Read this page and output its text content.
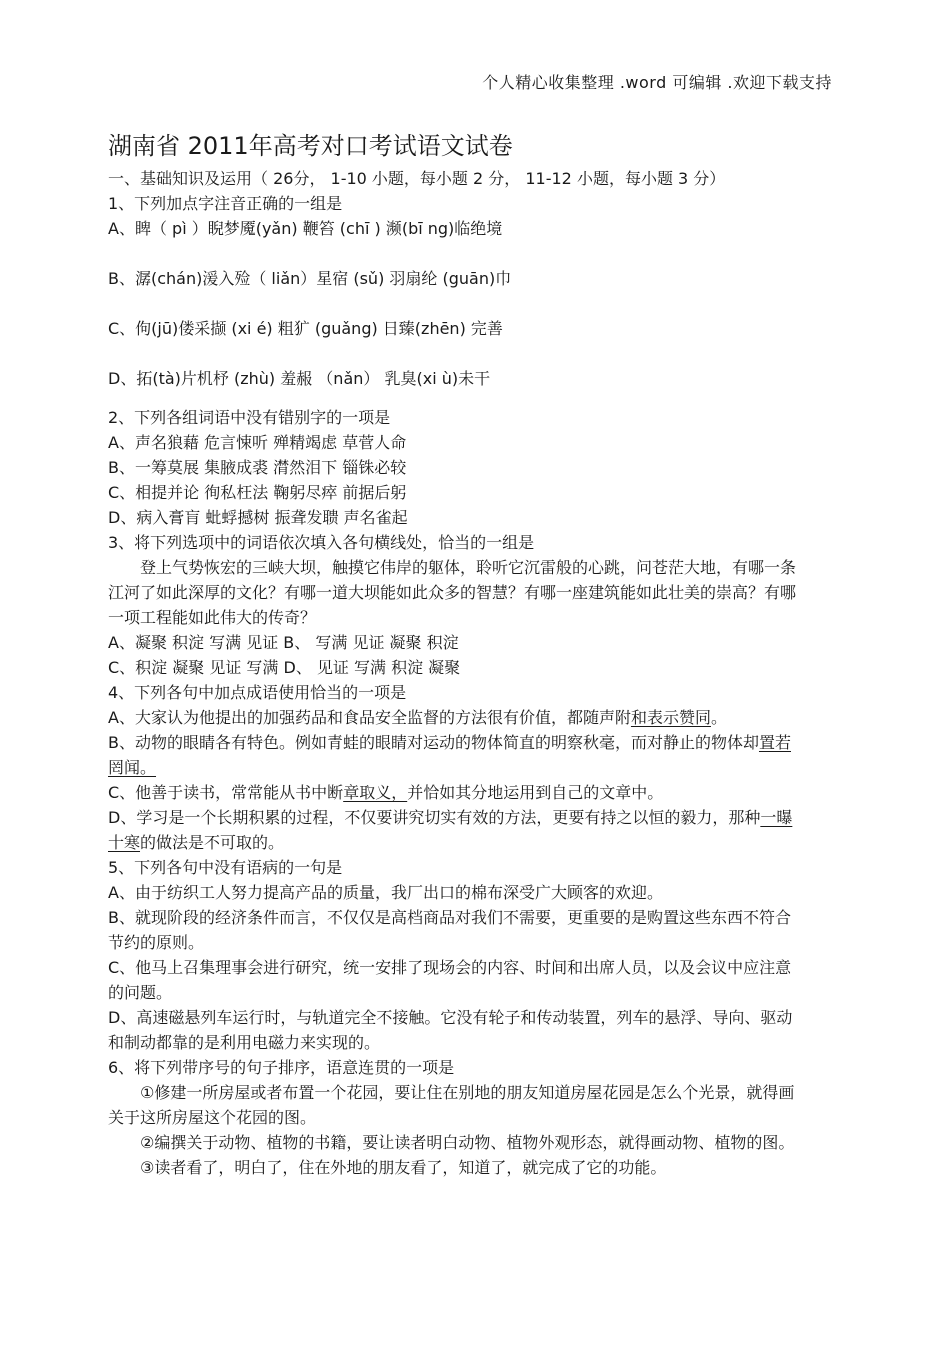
个人精心收集整理 .word 可编辑 .欢迎下载支持
湖南省 2011年高考对口考试语文试卷
一、基础知识及运用（ 26分， 1-10 小题，每小题 2 分， 11-12 小题，每小题 3 分）
1、下列加点字注音正确的一组是
A、睥（ pì ）睨梦魇(yǎn) 鞭笞 (chī ) 濒(bī ng)临绝境
B、潺(chán)湲入殓（ liǎn）星宿 (sǔ) 羽扇纶 (guān)巾
C、佝(jū)偻采撷 (xi é) 粗犷 (guǎng) 日臻(zhēn) 完善
D、拓(tà)片机杼 (zhù) 羞赧 （nǎn） 乳臭(xi ù)未干
2、下列各组词语中没有错别字的一项是
A、声名狼藉 危言悚听 殚精竭虑 草菅人命
B、一筹莫展 集腋成裘 潸然泪下 锱铢必较
C、相提并论 徇私枉法 鞠躬尽瘁 前据后躬
D、病入膏肓 蚍蜉撼树 振聋发聩 声名雀起
3、将下列选项中的词语依次填入各句横线处，恰当的一组是
登上气势恢宏的三峡大坝，触摸它伟岸的躯体，聆听它沉雷般的心跳，问苍茫大地，有哪一条江河了如此深厚的文化？有哪一道大坝能如此众多的智慧？有哪一座建筑能如此壮美的崇高？有哪一项工程能如此伟大的传奇？
A、凝聚 积淀 写满 见证 B、 写满 见证 凝聚 积淀
C、积淀 凝聚 见证 写满 D、 见证 写满 积淀 凝聚
4、下列各句中加点成语使用恰当的一项是
A、大家认为他提出的加强药品和食品安全监督的方法很有价值，都随声附和表示赞同。
B、动物的眼睛各有特色。例如青蛙的眼睛对运动的物体简直的明察秋毫，而对静止的物体却置若罔闻。
C、他善于读书，常常能从书中断章取义，并恰如其分地运用到自己的文章中。
D、学习是一个长期积累的过程，不仅要讲究切实有效的方法，更要有持之以恒的毅力，那种一曝十寒的做法是不可取的。
5、下列各句中没有语病的一句是
A、由于纺织工人努力提高产品的质量，我厂出口的棉布深受广大顾客的欢迎。
B、就现阶段的经济条件而言，不仅仅是高档商品对我们不需要，更重要的是购置这些东西不符合节约的原则。
C、他马上召集理事会进行研究，统一安排了现场会的内容、时间和出席人员，以及会议中应注意的问题。
D、高速磁悬列车运行时，与轨道完全不接触。它没有轮子和传动装置，列车的悬浮、导向、驱动和制动都靠的是利用电磁力来实现的。
6、将下列带序号的句子排序，语意连贯的一项是
①修建一所房屋或者布置一个花园，要让住在别地的朋友知道房屋花园是怎么个光景，就得画关于这所房屋这个花园的图。
②编撰关于动物、植物的书籍，要让读者明白动物、植物外观形态，就得画动物、植物的图。
③读者看了，明白了，住在外地的朋友看了，知道了，就完成了它的功能。
